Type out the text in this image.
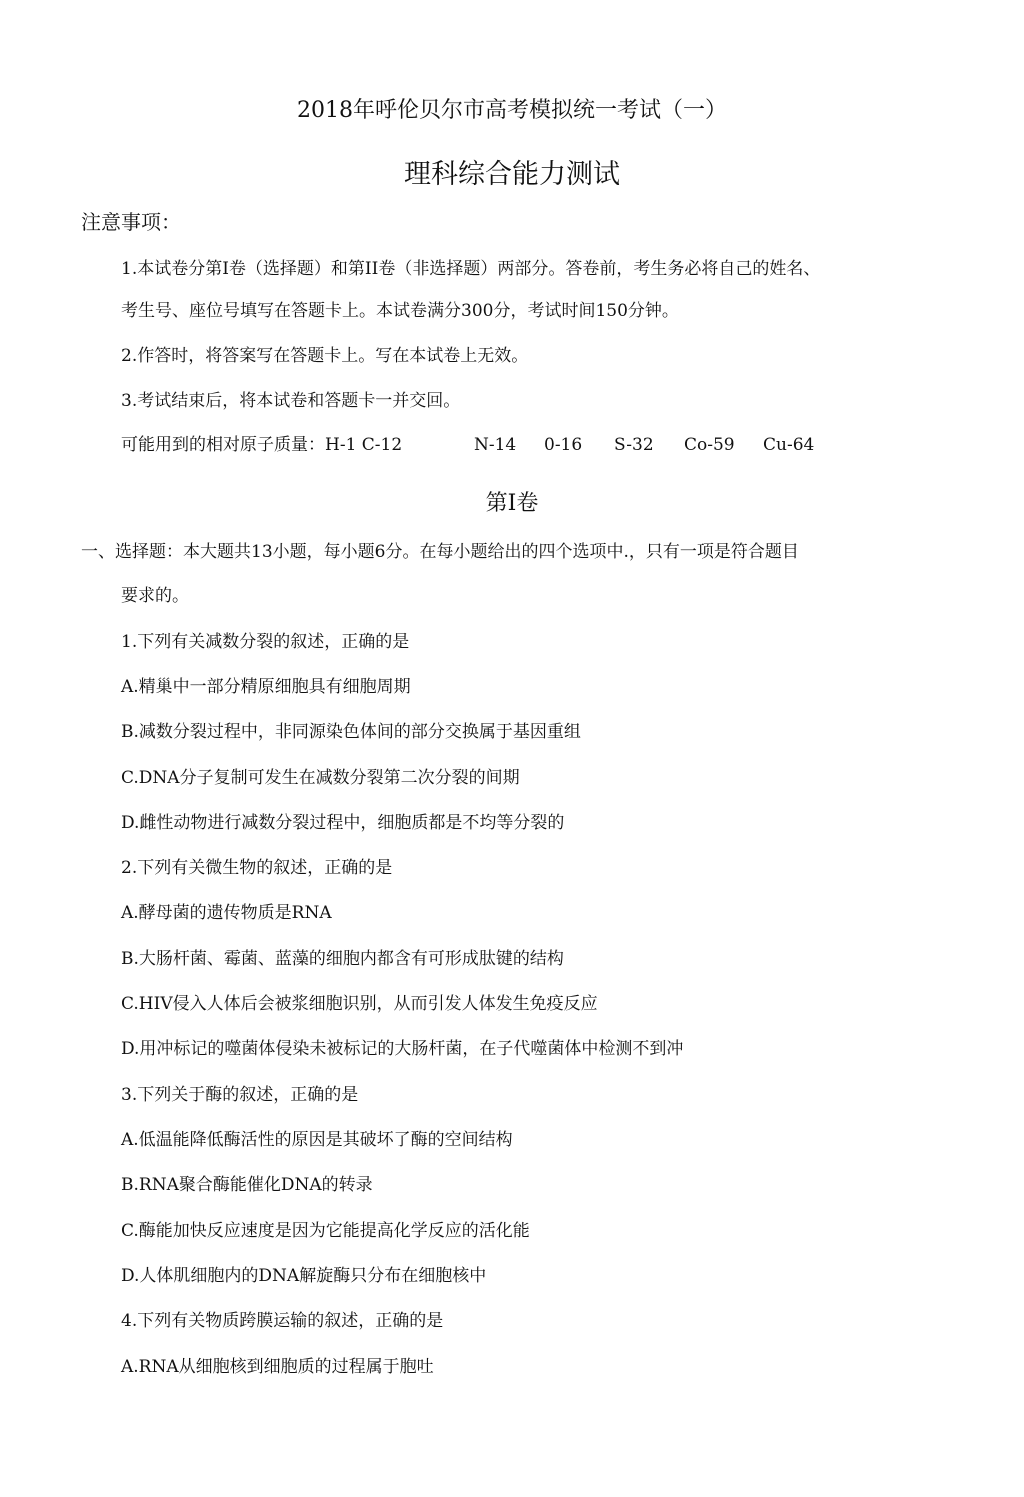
2018年呼伦贝尔市高考模拟统一考试（一）
理科综合能力测试
注意事项：
1.本试卷分第I卷（选择题）和第II卷（非选择题）两部分。答卷前，考生务必将自己的姓名、
考生号、座位号填写在答题卡上。本试卷满分300分，考试时间150分钟。
2.作答时，将答案写在答题卡上。写在本试卷上无效。
3.考试结束后，将本试卷和答题卡一并交回。
可能用到的相对原子质量：H-1 C-12	N-14 0-16 S-32 Co-59 Cu-64
第I卷
一、选择题：本大题共13小题，每小题6分。在每小题给出的四个选项中.，只有一项是符合题目
要求的。
1.下列有关减数分裂的叙述，正确的是
A.精巢中一部分精原细胞具有细胞周期
B.减数分裂过程中，非同源染色体间的部分交换属于基因重组
C.DNA分子复制可发生在减数分裂第二次分裂的间期
D.雌性动物进行减数分裂过程中，细胞质都是不均等分裂的
2.下列有关微生物的叙述，正确的是
A.酵母菌的遗传物质是RNA
B.大肠杆菌、霉菌、蓝藻的细胞内都含有可形成肽键的结构
C.HIV侵入人体后会被浆细胞识别，从而引发人体发生免疫反应
D.用冲标记的噬菌体侵染未被标记的大肠杆菌，在子代噬菌体中检测不到冲
3.下列关于酶的叙述，正确的是
A.低温能降低酶活性的原因是其破坏了酶的空间结构
B.RNA聚合酶能催化DNA的转录
C.酶能加快反应速度是因为它能提高化学反应的活化能
D.人体肌细胞内的DNA解旋酶只分布在细胞核中
4.下列有关物质跨膜运输的叙述，正确的是
A.RNA从细胞核到细胞质的过程属于胞吐
